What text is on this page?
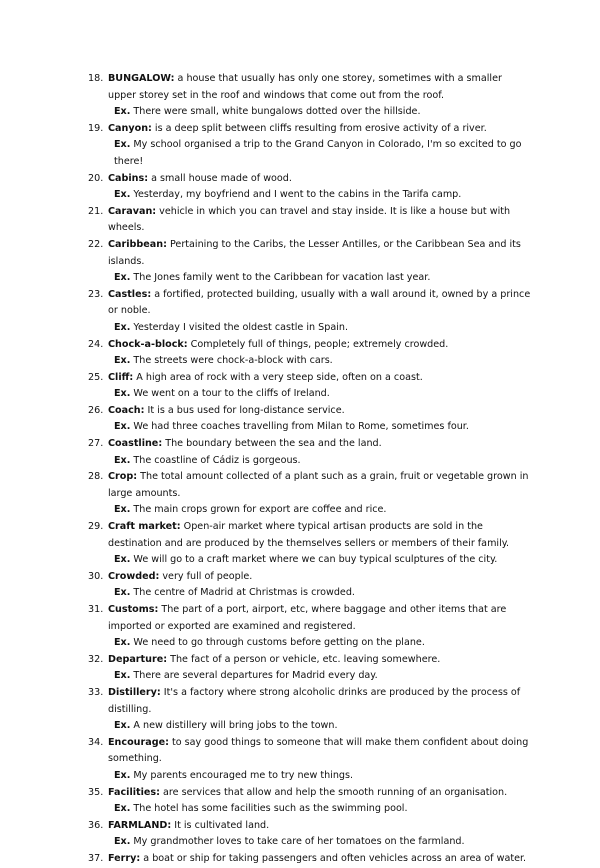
18. BUNGALOW: a house that usually has only one storey, sometimes with a smaller upper storey set in the roof and windows that come out from the roof.
Ex. There were small, white bungalows dotted over the hillside.
19. Canyon: is a deep split between cliffs resulting from erosive activity of a river.
Ex. My school organised a trip to the Grand Canyon in Colorado, I'm so excited to go there!
20. Cabins: a small house made of wood.
Ex. Yesterday, my boyfriend and I went to the cabins in the Tarifa camp.
21. Caravan: vehicle in which you can travel and stay inside. It is like a house but with wheels.
22. Caribbean: Pertaining to the Caribs, the Lesser Antilles, or the Caribbean Sea and its islands.
Ex. The Jones family went to the Caribbean for vacation last year.
23. Castles: a fortified, protected building, usually with a wall around it, owned by a prince or noble.
Ex. Yesterday I visited the oldest castle in Spain.
24. Chock-a-block: Completely full of things, people; extremely crowded.
Ex. The streets were chock-a-block with cars.
25. Cliff: A high area of rock with a very steep side, often on a coast.
Ex. We went on a tour to the cliffs of Ireland.
26. Coach: It is a bus used for long-distance service.
Ex. We had three coaches travelling from Milan to Rome, sometimes four.
27. Coastline: The boundary between the sea and the land.
Ex. The coastline of Cádiz is gorgeous.
28. Crop: The total amount collected of a plant such as a grain, fruit or vegetable grown in large amounts.
Ex. The main crops grown for export are coffee and rice.
29. Craft market: Open-air market where typical artisan products are sold in the destination and are produced by the themselves sellers or members of their family.
Ex. We will go to a craft market where we can buy typical sculptures of the city.
30. Crowded: very full of people.
Ex. The centre of Madrid at Christmas is crowded.
31. Customs: The part of a port, airport, etc, where baggage and other items that are imported or exported are examined and registered.
Ex. We need to go through customs before getting on the plane.
32. Departure: The fact of a person or vehicle, etc. leaving somewhere.
Ex. There are several departures for Madrid every day.
33. Distillery: It's a factory where strong alcoholic drinks are produced by the process of distilling.
Ex. A new distillery will bring jobs to the town.
34. Encourage: to say good things to someone that will make them confident about doing something.
Ex. My parents encouraged me to try new things.
35. Facilities: are services that allow and help the smooth running of an organisation.
Ex. The hotel has some facilities such as the swimming pool.
36. FARMLAND: It is cultivated land.
Ex. My grandmother loves to take care of her tomatoes on the farmland.
37. Ferry: a boat or ship for taking passengers and often vehicles across an area of water.
